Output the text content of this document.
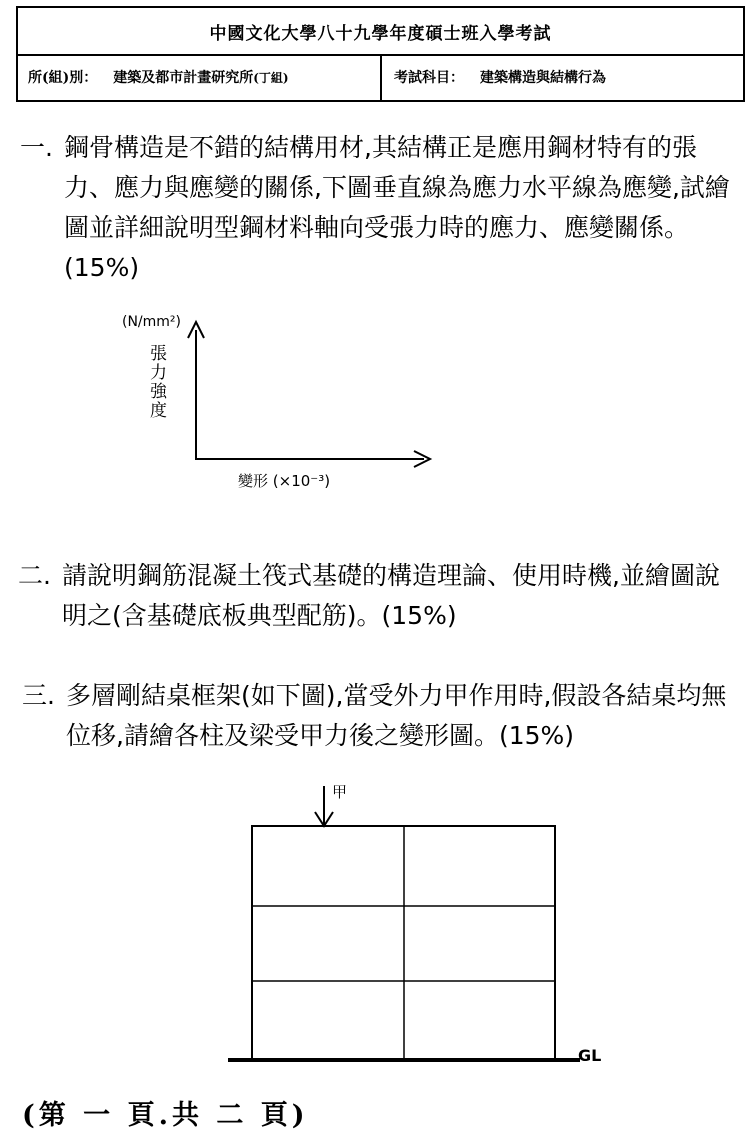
中國文化大學八十九學年度碩士班入學考試
所(組)別： 建築及都市計畫研究所 (丁組)	考試科目： 建築構造與結構行為
一. 鋼骨構造是不錯的結構用材,其結構正是應用鋼材特有的張力、應力與應變的關係,下圖垂直線為應力水平線為應變,試繪圖並詳細說明型鋼材料軸向受張力時的應力、應變關係。(15%)
(N/mm²)
張力強度
變形 (×10⁻³)
二. 請說明鋼筋混凝土筏式基礎的構造理論、使用時機,並繪圖說明之(含基礎底板典型配筋)。(15%)
三. 多層剛結桌框架(如下圖),當受外力甲作用時,假設各結桌均無位移,請繪各柱及梁受甲力後之變形圖。(15%)
甲
GL
(第 一 頁.共 二 頁)
